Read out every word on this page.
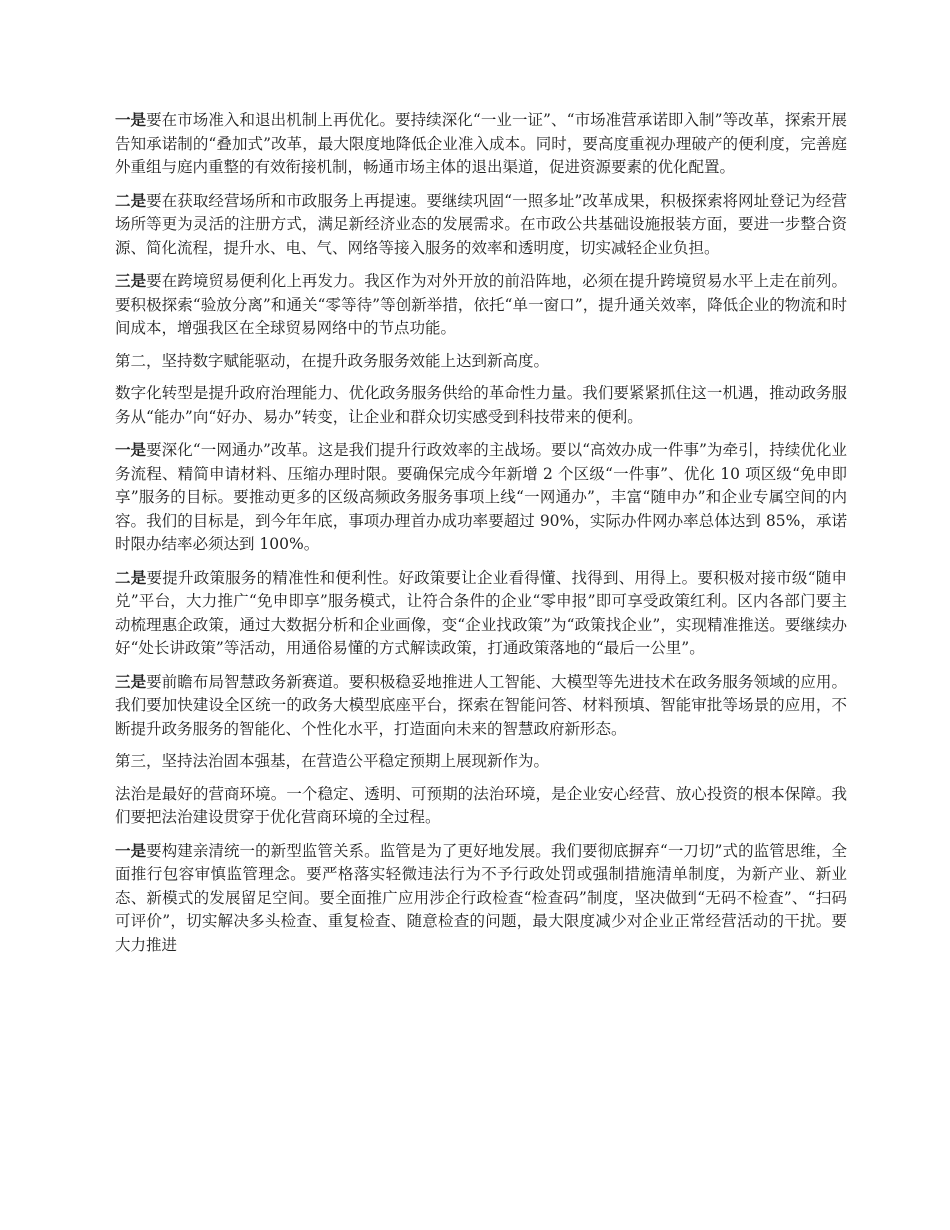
一是要在市场准入和退出机制上再优化。要持续深化“一业一证”、“市场准营承诺即入制”等改革，探索开展告知承诺制的“叠加式”改革，最大限度地降低企业准入成本。同时，要高度重视办理破产的便利度，完善庭外重组与庭内重整的有效衔接机制，畅通市场主体的退出渠道，促进资源要素的优化配置。

二是要在获取经营场所和市政服务上再提速。要继续巩固“一照多址”改革成果，积极探索将网址登记为经营场所等更为灵活的注册方式，满足新经济业态的发展需求。在市政公共基础设施报装方面，要进一步整合资源、简化流程，提升水、电、气、网络等接入服务的效率和透明度，切实减轻企业负担。

三是要在跨境贸易便利化上再发力。我区作为对外开放的前沿阵地，必须在提升跨境贸易水平上走在前列。要积极探索“验放分离”和通关“零等待”等创新举措，依托“单一窗口”，提升通关效率，降低企业的物流和时间成本，增强我区在全球贸易网络中的节点功能。

第二，坚持数字赋能驱动，在提升政务服务效能上达到新高度。

数字化转型是提升政府治理能力、优化政务服务供给的革命性力量。我们要紧紧抓住这一机遇，推动政务服务从“能办”向“好办、易办”转变，让企业和群众切实感受到科技带来的便利。

一是要深化“一网通办”改革。这是我们提升行政效率的主战场。要以“高效办成一件事”为牵引，持续优化业务流程、精简申请材料、压缩办理时限。要确保完成今年新增 2 个区级“一件事”、优化 10 项区级“免申即享”服务的目标。要推动更多的区级高频政务服务事项上线“一网通办”，丰富“随申办”和企业专属空间的内容。我们的目标是，到今年年底，事项办理首办成功率要超过 90%，实际办件网办率总体达到 85%，承诺时限办结率必须达到 100%。

二是要提升政策服务的精准性和便利性。好政策要让企业看得懂、找得到、用得上。要积极对接市级“随申兑”平台，大力推广“免申即享”服务模式，让符合条件的企业“零申报”即可享受政策红利。区内各部门要主动梳理惠企政策，通过大数据分析和企业画像，变“企业找政策”为“政策找企业”，实现精准推送。要继续办好“处长讲政策”等活动，用通俗易懂的方式解读政策，打通政策落地的“最后一公里”。

三是要前瞻布局智慧政务新赛道。要积极稳妥地推进人工智能、大模型等先进技术在政务服务领域的应用。我们要加快建设全区统一的政务大模型底座平台，探索在智能问答、材料预填、智能审批等场景的应用，不断提升政务服务的智能化、个性化水平，打造面向未来的智慧政府新形态。

第三，坚持法治固本强基，在营造公平稳定预期上展现新作为。

法治是最好的营商环境。一个稳定、透明、可预期的法治环境，是企业安心经营、放心投资的根本保障。我们要把法治建设贯穿于优化营商环境的全过程。

一是要构建亲清统一的新型监管关系。监管是为了更好地发展。我们要彻底摒弃“一刀切”式的监管思维，全面推行包容审慎监管理念。要严格落实轻微违法行为不予行政处罚或强制措施清单制度，为新产业、新业态、新模式的发展留足空间。要全面推广应用涉企行政检查“检查码”制度，坚决做到“无码不检查”、“扫码可评价”，切实解决多头检查、重复检查、随意检查的问题，最大限度减少对企业正常经营活动的干扰。要大力推进
